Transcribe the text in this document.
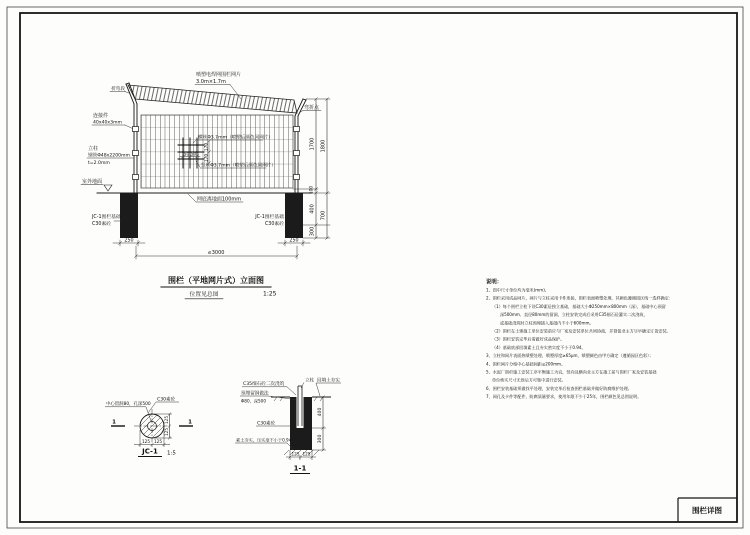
围栏详图
室外地面
50 50
170
170
横丝Φ3.7mm（喷塑后颜色同网片）
竖丝Φ3.7mm（喷塑后颜色同网片）
网底离地面100mm
喷塑电焊网围栏网片
3.0m×1.7m
折弯段
弯折点
连接件
40x40x3mm
立柱
钢管Φ48x2200mm
t=2.0mm
JC-1围栏基础
C30素砼
JC-1围栏基础
C30素砼
1700
100
400
300
1800
700
250	250
≤3000
围栏（平地网片式）立面图
位置见总图	1:25
1	1
中心留洞80，孔深500
C30素砼
125 125
125
125
JC-1 1:5
C35细石砼二次浇筑
立柱 回填土夯实
预埋留洞做法
Φ80，深500
C30素砼
素土夯实，压实度不小于0.94
400
300
125 125
1-1
说明：
1、图中尺寸单位均为毫米(mm)。
2、围栏采用成品网片，网片与立柱采用卡件连接，围栏表面喷塑处理，其颜色遵循园区统一选样确定：
（1）每个围栏立柱下设C30素砼独立基础，基础大小Φ250mm×800mm（深），基础中心预留
深500mm、直径80mm的留洞，立柱安装完成后采用C35细石砼灌实二次浇筑，
或基础浇筑时立柱预埋插入基础内不小于600mm。
（2）围栏在土建施工单位安装前应与厂家及安装单位共同协商，并督促业主方尽早确定订货安装。
（3）围栏安装完毕后需做好成品保护。
（4）基础底部回填素土且夯实密实度不小于0.94。
3、立柱和网片表面热喷塑处理，喷塑厚度≥65μm，喷塑颜色由甲方确定（遵循园区色彩）；
4、围栏网片分格中心基础间距≤200mm。
5、水泥厂围栏施工安装工序平衡施工为宜，竖向及横向业主方在竣工前与围栏厂家及安装基础
单位核实尺寸无误后方可集中进行安装。
6、围栏安装基础须做找平处理，安装完毕后检查围栏基础并做好防腐维护处理。
7、网孔及卡件等配件，防腐质量要求，使用年限不少于25年，围栏颜色见总图说明。
